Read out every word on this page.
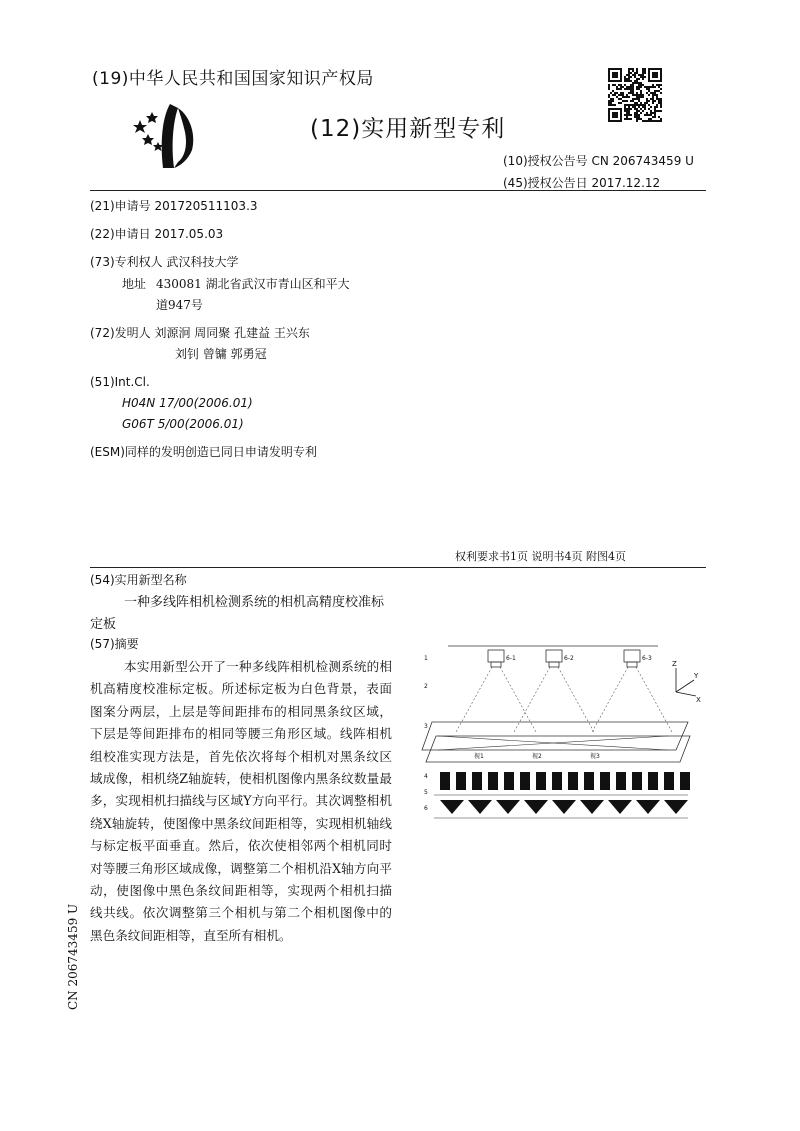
(19)中华人民共和国国家知识产权局
(12)实用新型专利
(10)授权公告号 CN 206743459 U
(45)授权公告日 2017.12.12
(21)申请号 201720511103.3
(22)申请日 2017.05.03
(73)专利权人 武汉科技大学
地址 430081 湖北省武汉市青山区和平大
道947号
(72)发明人 刘源泂 周同聚 孔建益 王兴东
刘钊 曾镛 郭勇冠
(51)Int.Cl.
H04N 17/00(2006.01)
G06T 5/00(2006.01)
(ESM)同样的发明创造已同日申请发明专利
权利要求书1页 说明书4页 附图4页
(54)实用新型名称
一种多线阵相机检测系统的相机高精度校准标定板
(57)摘要
本实用新型公开了一种多线阵相机检测系统的相机高精度校准标定板。所述标定板为白色背景，表面图案分两层，上层是等间距排布的相同黑条纹区域，下层是等间距排布的相同等腰三角形区域。线阵相机组校准实现方法是，首先依次将每个相机对黑条纹区域成像，相机绕Z轴旋转，使相机图像内黑条纹数量最多，实现相机扫描线与区域Y方向平行。其次调整相机绕X轴旋转，使图像中黑条纹间距相等，实现相机轴线与标定板平面垂直。然后，依次使相邻两个相机同时对等腰三角形区域成像，调整第二个相机沿X轴方向平动，使图像中黑色条纹间距相等，实现两个相机扫描线共线。依次调整第三个相机与第二个相机图像中的黑色条纹间距相等，直至所有相机。
CN 206743459 U
6-1	6-2	6-3
视1	视2	视3
1
2
3
4
5
6
Z
Y
X
